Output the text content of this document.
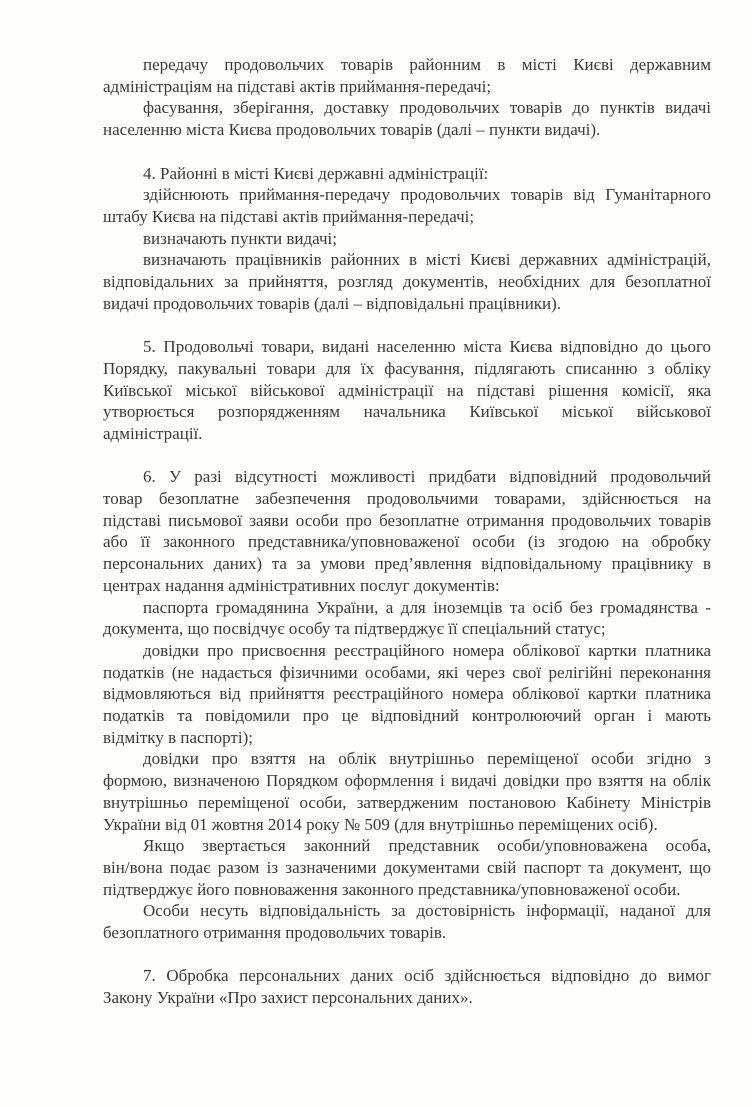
передачу продовольчих товарів районним в місті Києві державним
адміністраціям на підставі актів приймання-передачі;
фасування, зберігання, доставку продовольчих товарів до пунктів видачі
населенню міста Києва продовольчих товарів (далі – пункти видачі).
4. Районні в місті Києві державні адміністрації:
здійснюють приймання-передачу продовольчих товарів від Гуманітарного
штабу Києва на підставі актів приймання-передачі;
визначають пункти видачі;
визначають працівників районних в місті Києві державних адміністрацій,
відповідальних за прийняття, розгляд документів, необхідних для безоплатної
видачі продовольчих товарів (далі – відповідальні працівники).
5. Продовольчі товари, видані населенню міста Києва відповідно до цього
Порядку, пакувальні товари для їх фасування, підлягають списанню з обліку
Київської міської військової адміністрації на підставі рішення комісії, яка
утворюється розпорядженням начальника Київської міської військової
адміністрації.
6. У разі відсутності можливості придбати відповідний продовольчий
товар безоплатне забезпечення продовольчими товарами, здійснюється на
підставі письмової заяви особи про безоплатне отримання продовольчих товарів
або її законного представника/уповноваженої особи (із згодою на обробку
персональних даних) та за умови пред’явлення відповідальному працівнику в
центрах надання адміністративних послуг документів:
паспорта громадянина України, а для іноземців та осіб без громадянства -
документа, що посвідчує особу та підтверджує її спеціальний статус;
довідки про присвоєння реєстраційного номера облікової картки платника
податків (не надається фізичними особами, які через свої релігійні переконання
відмовляються від прийняття реєстраційного номера облікової картки платника
податків та повідомили про це відповідний контролюючий орган і мають
відмітку в паспорті);
довідки про взяття на облік внутрішньо переміщеної особи згідно з
формою, визначеною Порядком оформлення і видачі довідки про взяття на облік
внутрішньо переміщеної особи, затвердженим постановою Кабінету Міністрів
України від 01 жовтня 2014 року № 509 (для внутрішньо переміщених осіб).
Якщо звертається законний представник особи/уповноважена особа,
він/вона подає разом із зазначеними документами свій паспорт та документ, що
підтверджує його повноваження законного представника/уповноваженої особи.
Особи несуть відповідальність за достовірність інформації, наданої для
безоплатного отримання продовольчих товарів.
7. Обробка персональних даних осіб здійснюється відповідно до вимог
Закону України «Про захист персональних даних».
